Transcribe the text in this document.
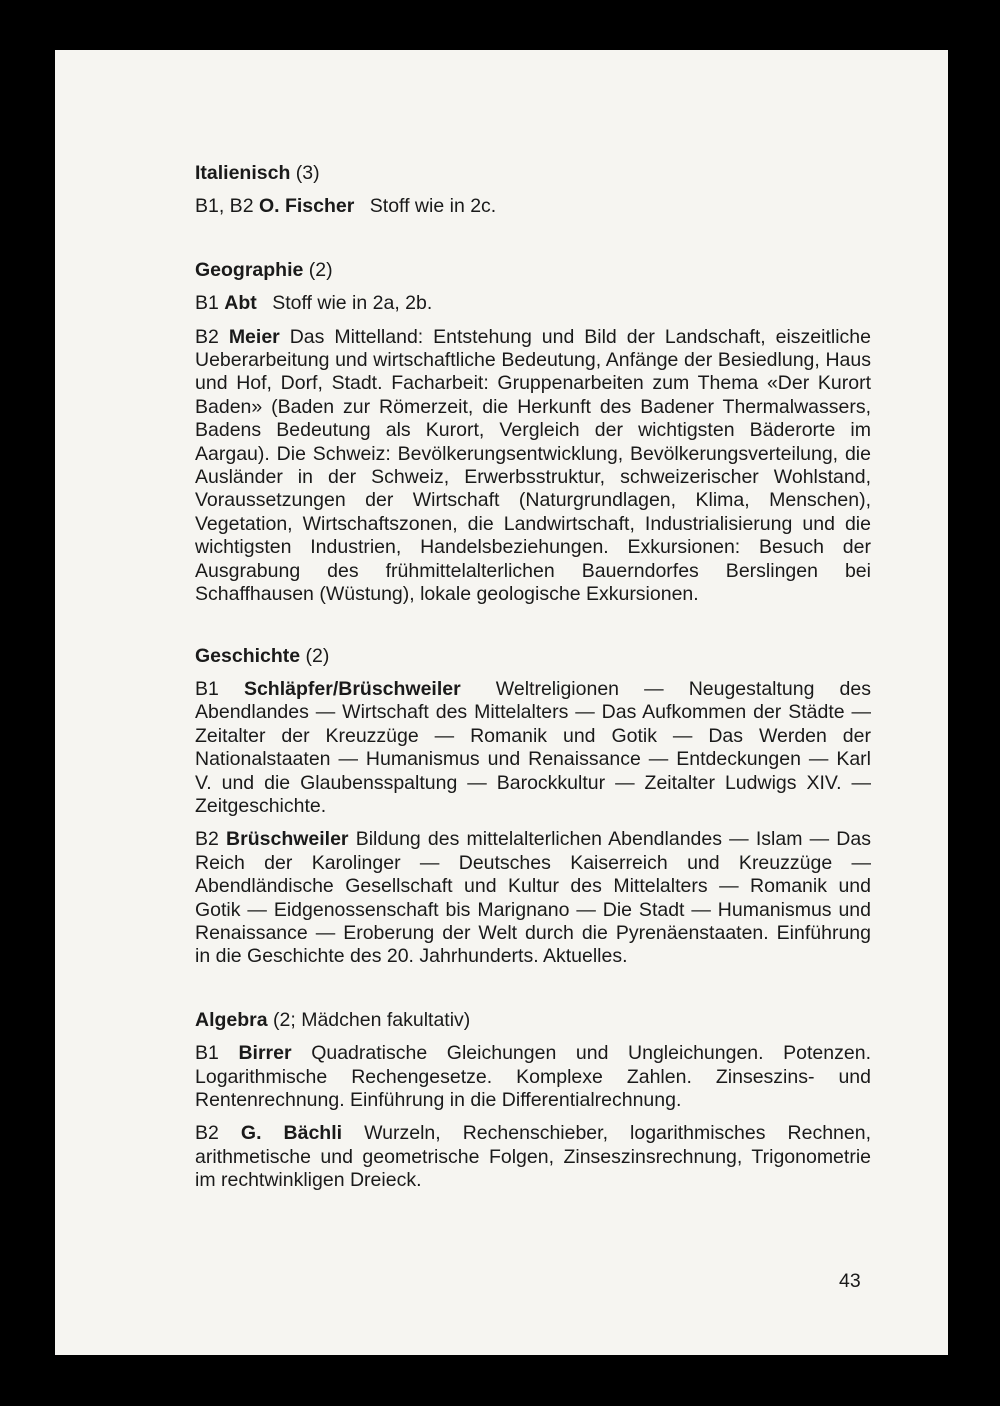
Italienisch (3)

B1, B2 O. Fischer Stoff wie in 2c.

Geographie (2)

B1 Abt Stoff wie in 2a, 2b.

B2 Meier Das Mittelland: Entstehung und Bild der Landschaft, eiszeitliche Ueberarbeitung und wirtschaftliche Bedeutung, Anfänge der Besiedlung, Haus und Hof, Dorf, Stadt. Facharbeit: Gruppenarbeiten zum Thema «Der Kurort Baden» (Baden zur Römerzeit, die Herkunft des Badener Thermalwassers, Badens Bedeutung als Kurort, Vergleich der wichtigsten Bäderorte im Aargau). Die Schweiz: Bevölkerungsentwicklung, Bevölkerungsverteilung, die Ausländer in der Schweiz, Erwerbsstruktur, schweizerischer Wohlstand, Voraussetzungen der Wirtschaft (Naturgrundlagen, Klima, Menschen), Vegetation, Wirtschaftszonen, die Landwirtschaft, Industrialisierung und die wichtigsten Industrien, Handelsbeziehungen. Exkursionen: Besuch der Ausgrabung des frühmittelalterlichen Bauerndorfes Berslingen bei Schaffhausen (Wüstung), lokale geologische Exkursionen.

Geschichte (2)

B1 Schläpfer/Brüschweiler Weltreligionen — Neugestaltung des Abendlandes — Wirtschaft des Mittelalters — Das Aufkommen der Städte — Zeitalter der Kreuzzüge — Romanik und Gotik — Das Werden der Nationalstaaten — Humanismus und Renaissance — Entdeckungen — Karl V. und die Glaubensspaltung — Barockkultur — Zeitalter Ludwigs XIV. — Zeitgeschichte.

B2 Brüschweiler Bildung des mittelalterlichen Abendlandes — Islam — Das Reich der Karolinger — Deutsches Kaiserreich und Kreuzzüge — Abendländische Gesellschaft und Kultur des Mittelalters — Romanik und Gotik — Eidgenossenschaft bis Marignano — Die Stadt — Humanismus und Renaissance — Eroberung der Welt durch die Pyrenäenstaaten. Einführung in die Geschichte des 20. Jahrhunderts. Aktuelles.

Algebra (2; Mädchen fakultativ)

B1 Birrer Quadratische Gleichungen und Ungleichungen. Potenzen. Logarithmische Rechengesetze. Komplexe Zahlen. Zinseszins- und Rentenrechnung. Einführung in die Differentialrechnung.

B2 G. Bächli Wurzeln, Rechenschieber, logarithmisches Rechnen, arithmetische und geometrische Folgen, Zinseszinsrechnung, Trigonometrie im rechtwinkligen Dreieck.

43
